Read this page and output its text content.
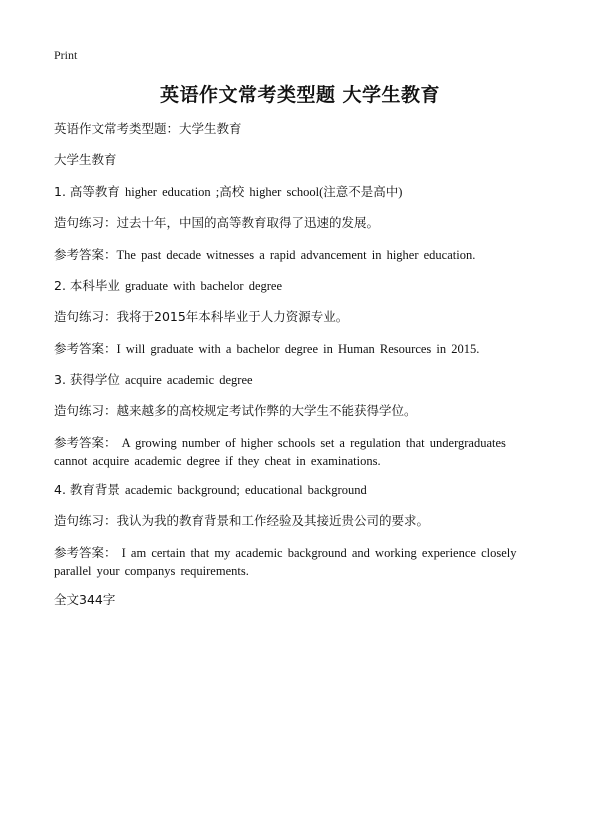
Print
英语作文常考类型题 大学生教育
英语作文常考类型题：大学生教育
大学生教育
1. 高等教育 higher education ;高校 higher school(注意不是高中)
造句练习：过去十年，中国的高等教育取得了迅速的发展。
参考答案：The past decade witnesses a rapid advancement in higher education.
2. 本科毕业 graduate with bachelor degree
造句练习：我将于2015年本科毕业于人力资源专业。
参考答案：I will graduate with a bachelor degree in Human Resources in 2015.
3. 获得学位 acquire academic degree
造句练习：越来越多的高校规定考试作弊的大学生不能获得学位。
参考答案： A growing number of higher schools set a regulation that undergraduates cannot acquire academic degree if they cheat in examinations.
4. 教育背景 academic background; educational background
造句练习：我认为我的教育背景和工作经验及其接近贵公司的要求。
参考答案： I am certain that my academic background and working experience closely parallel your companys requirements.
全文344字
